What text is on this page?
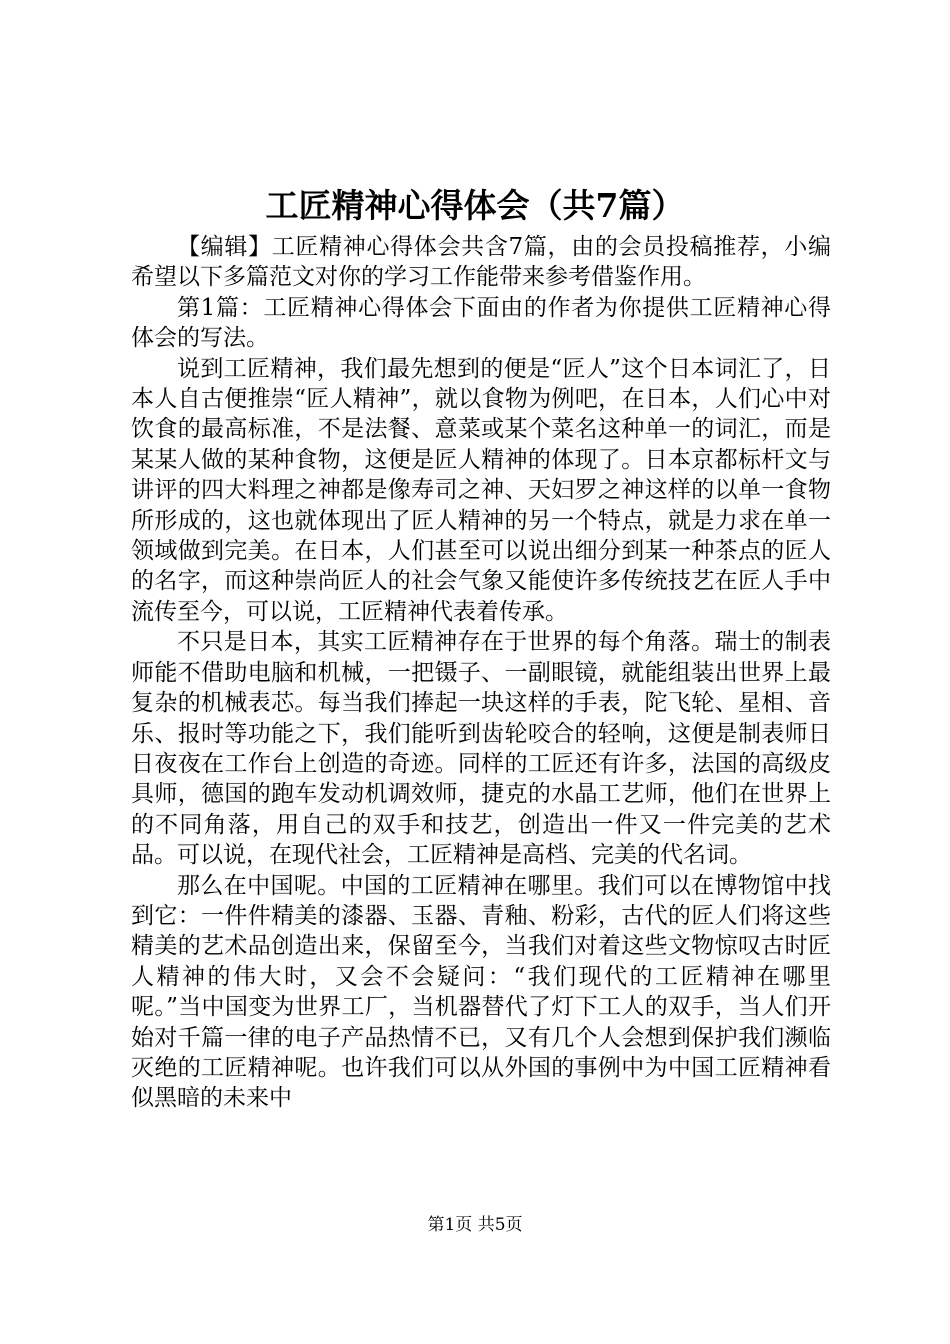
工匠精神心得体会（共7篇）

【编辑】工匠精神心得体会共含7篇，由的会员投稿推荐，小编希望以下多篇范文对你的学习工作能带来参考借鉴作用。

第1篇：工匠精神心得体会下面由的作者为你提供工匠精神心得体会的写法。

说到工匠精神，我们最先想到的便是“匠人”这个日本词汇了，日本人自古便推崇“匠人精神”，就以食物为例吧，在日本，人们心中对饮食的最高标准，不是法餐、意菜或某个菜名这种单一的词汇，而是某某人做的某种食物，这便是匠人精神的体现了。日本京都标杆文与讲评的四大料理之神都是像寿司之神、天妇罗之神这样的以单一食物所形成的，这也就体现出了匠人精神的另一个特点，就是力求在单一领域做到完美。在日本，人们甚至可以说出细分到某一种茶点的匠人的名字，而这种崇尚匠人的社会气象又能使许多传统技艺在匠人手中流传至今，可以说，工匠精神代表着传承。

不只是日本，其实工匠精神存在于世界的每个角落。瑞士的制表师能不借助电脑和机械，一把镊子、一副眼镜，就能组装出世界上最复杂的机械表芯。每当我们捧起一块这样的手表，陀飞轮、星相、音乐、报时等功能之下，我们能听到齿轮咬合的轻响，这便是制表师日日夜夜在工作台上创造的奇迹。同样的工匠还有许多，法国的高级皮具师，德国的跑车发动机调效师，捷克的水晶工艺师，他们在世界上的不同角落，用自己的双手和技艺，创造出一件又一件完美的艺术品。可以说，在现代社会，工匠精神是高档、完美的代名词。

那么在中国呢。中国的工匠精神在哪里。我们可以在博物馆中找到它：一件件精美的漆器、玉器、青釉、粉彩，古代的匠人们将这些精美的艺术品创造出来，保留至今，当我们对着这些文物惊叹古时匠人精神的伟大时，又会不会疑问：“我们现代的工匠精神在哪里呢。”当中国变为世界工厂，当机器替代了灯下工人的双手，当人们开始对千篇一律的电子产品热情不已，又有几个人会想到保护我们濒临灭绝的工匠精神呢。也许我们可以从外国的事例中为中国工匠精神看似黑暗的未来中

第1页 共5页
